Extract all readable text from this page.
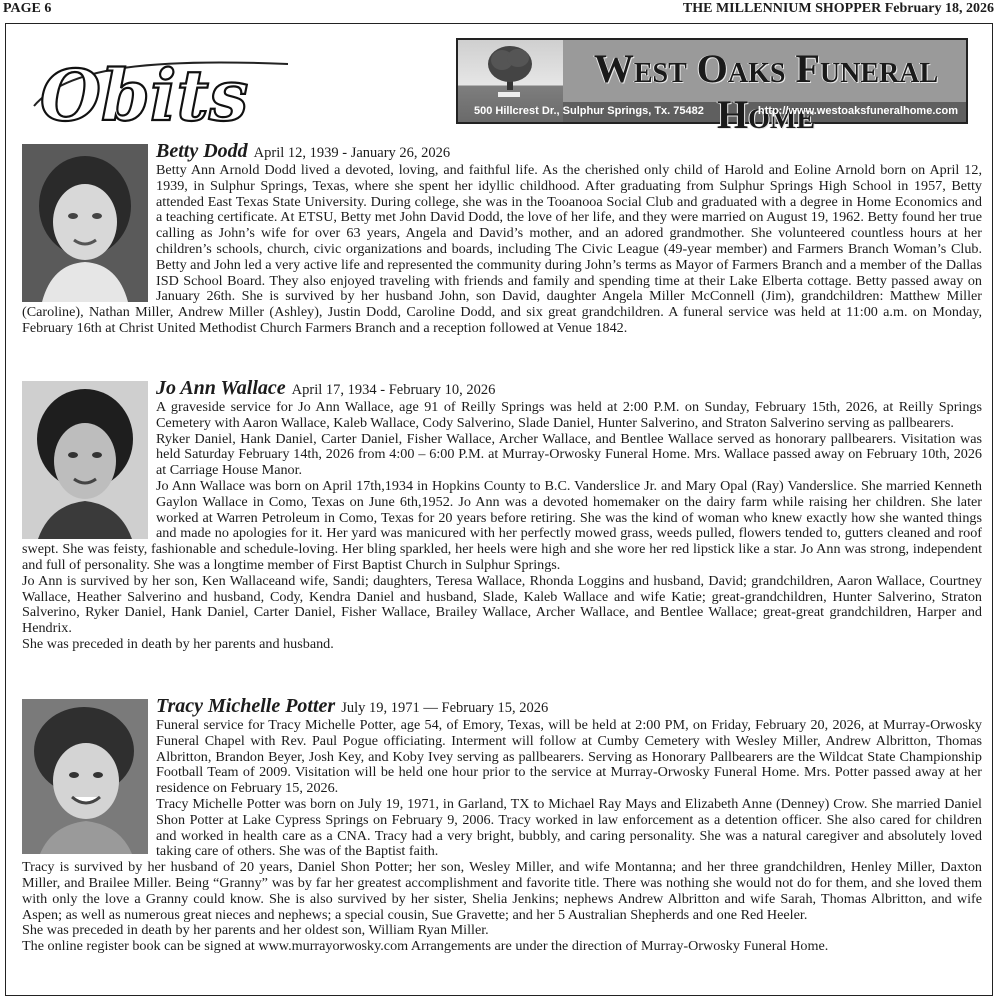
PAGE 6	THE MILLENNIUM SHOPPER February 18, 2026
Obits	West Oaks Funeral Home
500 Hillcrest Dr., Sulphur Springs, Tx. 75482	http://www.westoaksfuneralhome.com
Betty Dodd April 12, 1939 - January 26, 2026

Betty Ann Arnold Dodd lived a devoted, loving, and faithful life. As the cherished only child of Harold and Eoline Arnold born on April 12, 1939, in Sulphur Springs, Texas, where she spent her idyllic childhood. After graduating from Sulphur Springs High School in 1957, Betty attended East Texas State University. During college, she was in the Tooanooa Social Club and graduated with a degree in Home Economics and a teaching certificate. At ETSU, Betty met John David Dodd, the love of her life, and they were married on August 19, 1962. Betty found her true calling as John’s wife for over 63 years, Angela and David’s mother, and an adored grandmother. She volunteered countless hours at her children’s schools, church, civic organizations and boards, including The Civic League (49-year member) and Farmers Branch Woman’s Club. Betty and John led a very active life and represented the community during John’s terms as Mayor of Farmers Branch and a member of the Dallas ISD School Board. They also enjoyed traveling with friends and family and spending time at their Lake Elberta cottage. Betty passed away on January 26th. She is survived by her husband John, son David, daughter Angela Miller McConnell (Jim), grandchildren: Matthew Miller (Caroline), Nathan Miller, Andrew Miller (Ashley), Justin Dodd, Caroline Dodd, and six great grandchildren. A funeral service was held at 11:00 a.m. on Monday, February 16th at Christ United Methodist Church Farmers Branch and a reception followed at Venue 1842.

Jo Ann Wallace April 17, 1934 - February 10, 2026

A graveside service for Jo Ann Wallace, age 91 of Reilly Springs was held at 2:00 P.M. on Sunday, February 15th, 2026, at Reilly Springs Cemetery with Aaron Wallace, Kaleb Wallace, Cody Salverino, Slade Daniel, Hunter Salverino, and Straton Salverino serving as pallbearers.

Ryker Daniel, Hank Daniel, Carter Daniel, Fisher Wallace, Archer Wallace, and Bentlee Wallace served as honorary pallbearers. Visitation was held Saturday February 14th, 2026 from 4:00 – 6:00 P.M. at Murray-Orwosky Funeral Home. Mrs. Wallace passed away on February 10th, 2026 at Carriage House Manor.

Jo Ann Wallace was born on April 17th,1934 in Hopkins County to B.C. Vanderslice Jr. and Mary Opal (Ray) Vanderslice. She married Kenneth Gaylon Wallace in Como, Texas on June 6th,1952. Jo Ann was a devoted homemaker on the dairy farm while raising her children. She later worked at Warren Petroleum in Como, Texas for 20 years before retiring. She was the kind of woman who knew exactly how she wanted things and made no apologies for it. Her yard was manicured with her perfectly mowed grass, weeds pulled, flowers tended to, gutters cleaned and roof swept. She was feisty, fashionable and schedule-loving. Her bling sparkled, her heels were high and she wore her red lipstick like a star. Jo Ann was strong, independent and full of personality. She was a longtime member of First Baptist Church in Sulphur Springs.

Jo Ann is survived by her son, Ken Wallaceand wife, Sandi; daughters, Teresa Wallace, Rhonda Loggins and husband, David; grandchildren, Aaron Wallace, Courtney Wallace, Heather Salverino and husband, Cody, Kendra Daniel and husband, Slade, Kaleb Wallace and wife Katie; great-grandchildren, Hunter Salverino, Straton Salverino, Ryker Daniel, Hank Daniel, Carter Daniel, Fisher Wallace, Brailey Wallace, Archer Wallace, and Bentlee Wallace; great-great grandchildren, Harper and Hendrix.

She was preceded in death by her parents and husband.

Tracy Michelle Potter July 19, 1971 — February 15, 2026

Funeral service for Tracy Michelle Potter, age 54, of Emory, Texas, will be held at 2:00 PM, on Friday, February 20, 2026, at Murray-Orwosky Funeral Chapel with Rev. Paul Pogue officiating. Interment will follow at Cumby Cemetery with Wesley Miller, Andrew Albritton, Thomas Albritton, Brandon Beyer, Josh Key, and Koby Ivey serving as pallbearers. Serving as Honorary Pallbearers are the Wildcat State Championship Football Team of 2009. Visitation will be held one hour prior to the service at Murray-Orwosky Funeral Home. Mrs. Potter passed away at her residence on February 15, 2026.

Tracy Michelle Potter was born on July 19, 1971, in Garland, TX to Michael Ray Mays and Elizabeth Anne (Denney) Crow. She married Daniel Shon Potter at Lake Cypress Springs on February 9, 2006. Tracy worked in law enforcement as a detention officer. She also cared for children and worked in health care as a CNA. Tracy had a very bright, bubbly, and caring personality. She was a natural caregiver and absolutely loved taking care of others. She was of the Baptist faith.

Tracy is survived by her husband of 20 years, Daniel Shon Potter; her son, Wesley Miller, and wife Montanna; and her three grandchildren, Henley Miller, Daxton Miller, and Brailee Miller. Being “Granny” was by far her greatest accomplishment and favorite title. There was nothing she would not do for them, and she loved them with only the love a Granny could know. She is also survived by her sister, Shelia Jenkins; nephews Andrew Albritton and wife Sarah, Thomas Albritton, and wife Aspen; as well as numerous great nieces and nephews; a special cousin, Sue Gravette; and her 5 Australian Shepherds and one Red Heeler.

She was preceded in death by her parents and her oldest son, William Ryan Miller.

The online register book can be signed at www.murrayorwosky.com Arrangements are under the direction of Murray-Orwosky Funeral Home.
